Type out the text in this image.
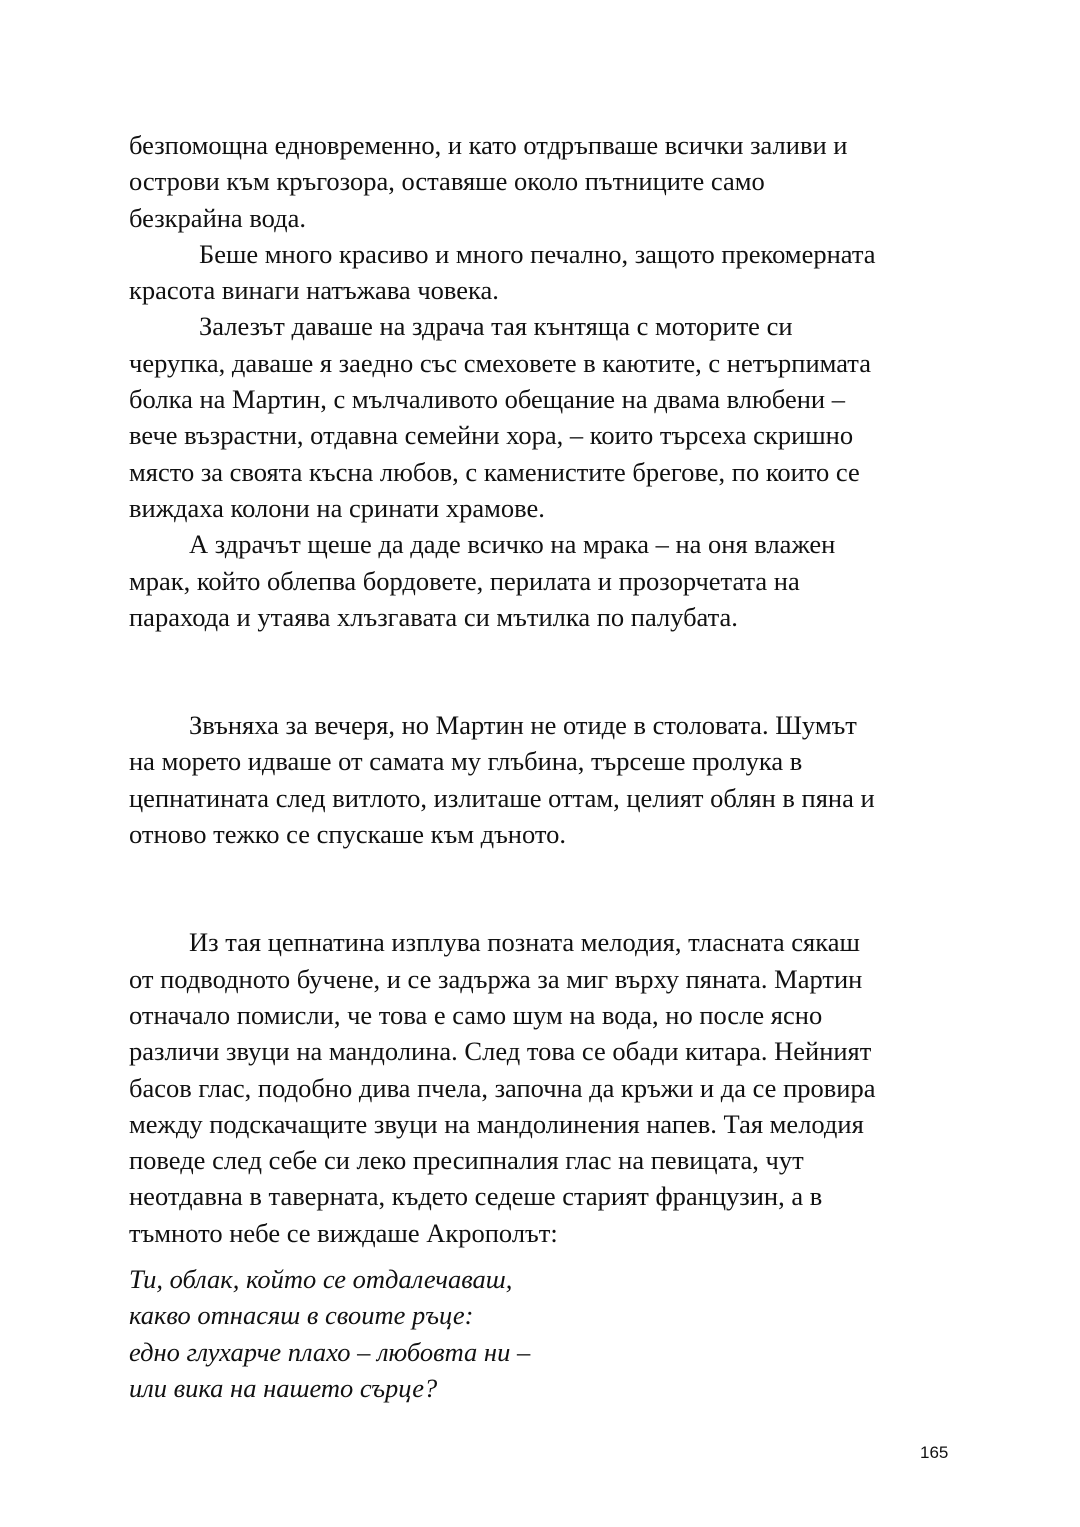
безпомощна едновременно, и като отдръпваше всички заливи и
острови към кръгозора, оставяше около пътниците само
безкрайна вода.

Беше много красиво и много печално, защото прекомерната
красота винаги натъжава човека.

Залезът даваше на здрача тая кънтяща с моторите си
черупка, даваше я заедно със смеховете в каютите, с нетърпимата
болка на Мартин, с мълчаливото обещание на двама влюбени –
вече възрастни, отдавна семейни хора, – които търсеха скришно
място за своята късна любов, с каменистите брегове, по които се
виждаха колони на сринати храмове.

А здрачът щеше да даде всичко на мрака – на оня влажен
мрак, който облепва бордовете, перилата и прозорчетата на
парахода и утаява хлъзгавата си мътилка по палубата.

Звъняха за вечеря, но Мартин не отиде в столовата. Шумът
на морето идваше от самата му глъбина, търсеше пролука в
цепнатината след витлото, излиташе оттам, целият облян в пяна и
отново тежко се спускаше към дъното.

Из тая цепнатина изплува позната мелодия, тласната сякаш
от подводното бучене, и се задържа за миг върху пяната. Мартин
отначало помисли, че това е само шум на вода, но после ясно
различи звуци на мандолина. След това се обади китара. Нейният
басов глас, подобно дива пчела, започна да кръжи и да се провира
между подскачащите звуци на мандолинения напев. Тая мелодия
поведе след себе си леко пресипналия глас на певицата, чут
неотдавна в таверната, където седеше старият французин, а в
тъмното небе се виждаше Акрополът:

Ти, облак, който се отдалечаваш,
какво отнасяш в своите ръце:
едно глухарче плахо – любовта ни –
или вика на нашето сърце?

165
